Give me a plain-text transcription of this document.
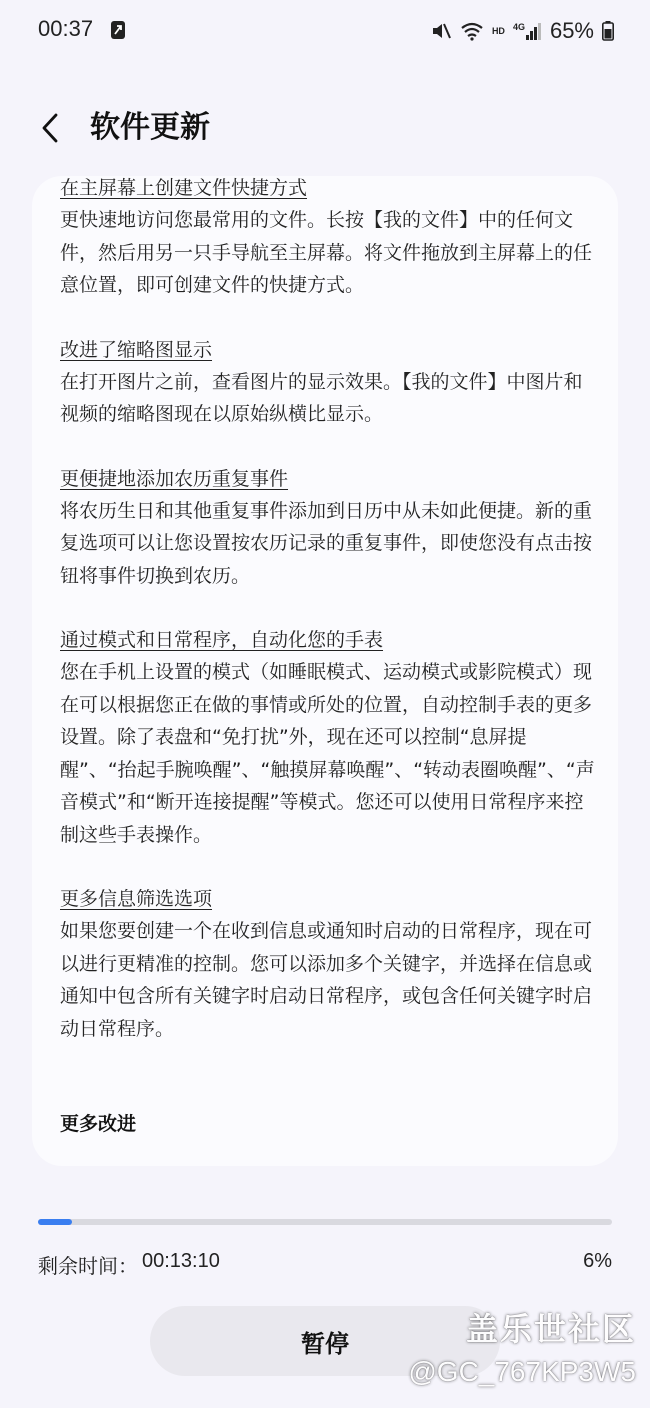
00:37	HD 4G 65%
软件更新
在主屏幕上创建文件快捷方式
更快速地访问您最常用的文件。长按【我的文件】中的任何文件，然后用另一只手导航至主屏幕。将文件拖放到主屏幕上的任意位置，即可创建文件的快捷方式。
改进了缩略图显示
在打开图片之前，查看图片的显示效果。【我的文件】中图片和视频的缩略图现在以原始纵横比显示。
更便捷地添加农历重复事件
将农历生日和其他重复事件添加到日历中从未如此便捷。新的重复选项可以让您设置按农历记录的重复事件，即使您没有点击按钮将事件切换到农历。
通过模式和日常程序，自动化您的手表
您在手机上设置的模式（如睡眠模式、运动模式或影院模式）现在可以根据您正在做的事情或所处的位置，自动控制手表的更多设置。除了表盘和“免打扰”外，现在还可以控制“息屏提醒”、“抬起手腕唤醒”、“触摸屏幕唤醒”、“转动表圈唤醒”、“声音模式”和“断开连接提醒”等模式。您还可以使用日常程序来控制这些手表操作。
更多信息筛选选项
如果您要创建一个在收到信息或通知时启动的日常程序，现在可以进行更精准的控制。您可以添加多个关键字，并选择在信息或通知中包含所有关键字时启动日常程序，或包含任何关键字时启动日常程序。
更多改进
剩余时间： 00:13:10	6%
暂停	盖乐世社区
@GC_767KP3W5
